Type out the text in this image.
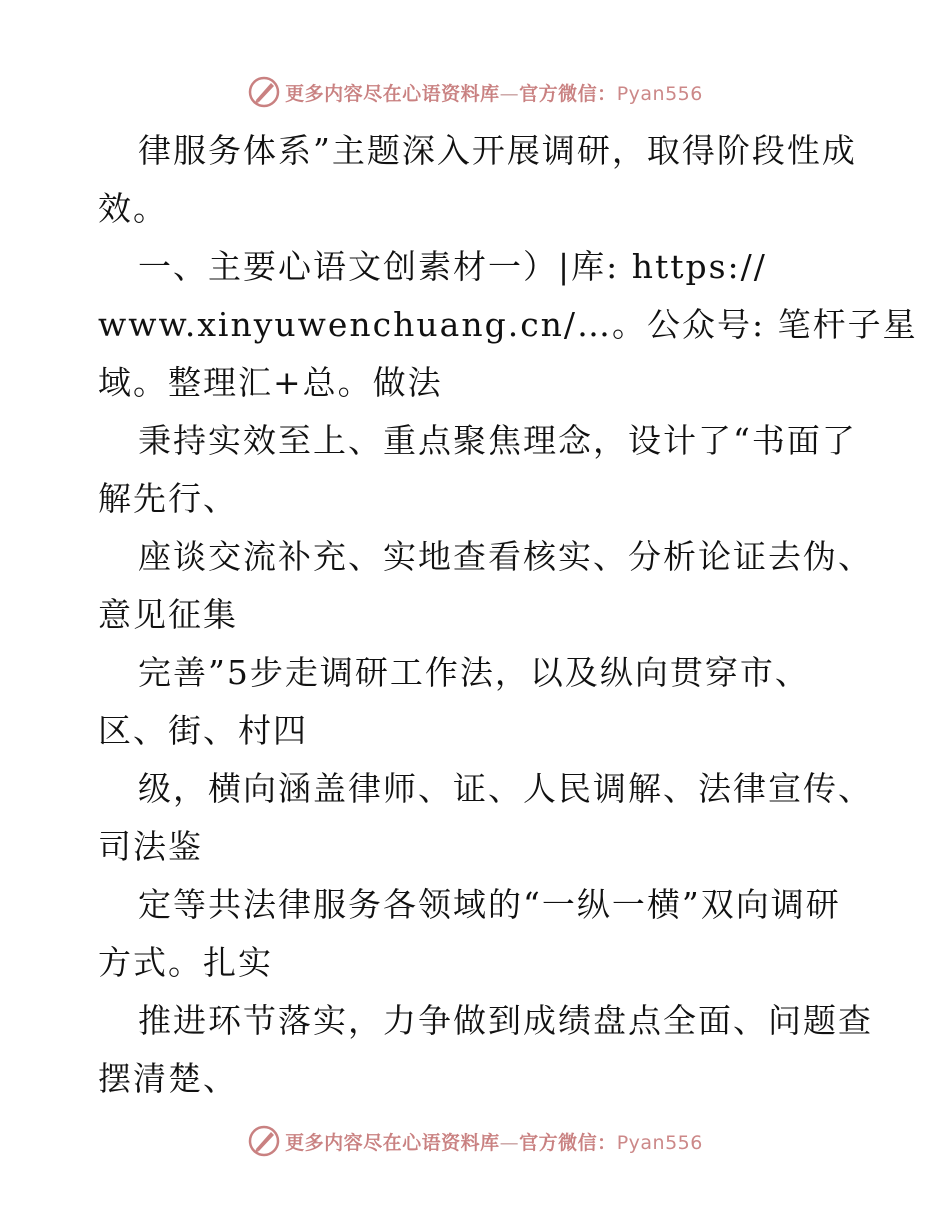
更多内容尽在心语资料库—官方微信：Pyan556
律服务体系”主题深入开展调研，取得阶段性成
效。
一、主要心语文创素材一）|库: https://
www.xinyuwenchuang.cn/…。公众号: 笔杆子星
域。整理汇+总。做法
秉持实效至上、重点聚焦理念，设计了“书面了
解先行、
座谈交流补充、实地查看核实、分析论证去伪、
意见征集
完善”5步走调研工作法，以及纵向贯穿市、
区、街、村四
级，横向涵盖律师、证、人民调解、法律宣传、
司法鉴
定等共法律服务各领域的“一纵一横”双向调研
方式。扎实
推进环节落实，力争做到成绩盘点全面、问题查
摆清楚、
更多内容尽在心语资料库—官方微信：Pyan556
